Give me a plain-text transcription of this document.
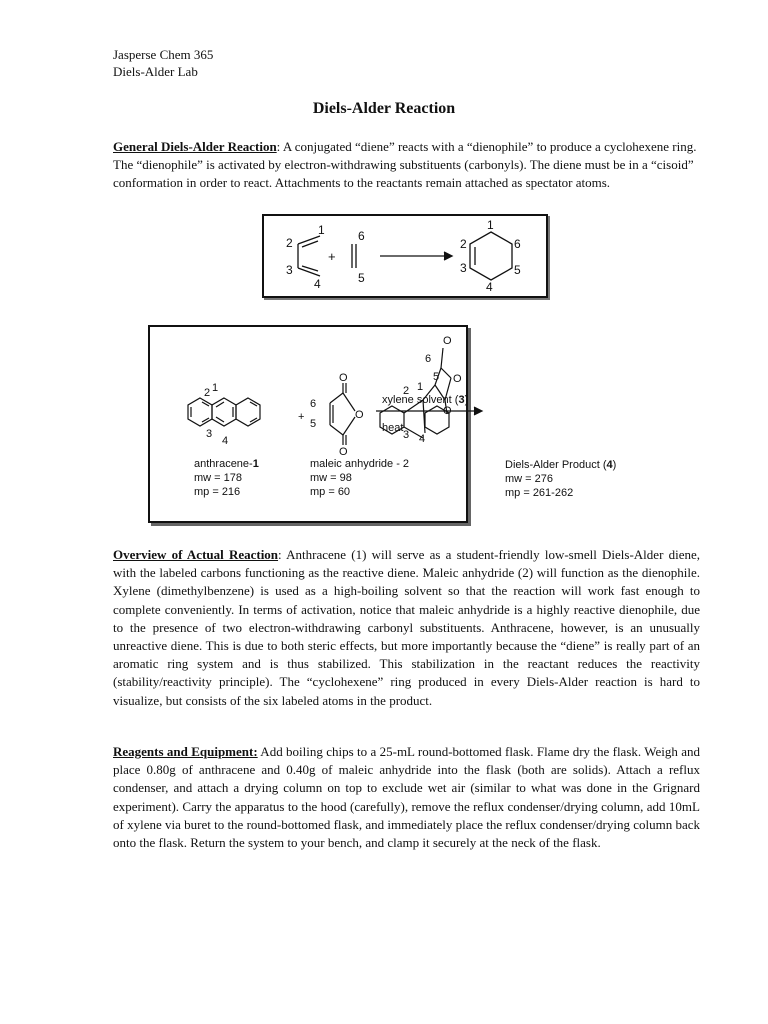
Jasperse Chem 365
Diels-Alder Lab
Diels-Alder Reaction
General Diels-Alder Reaction: A conjugated “diene” reacts with a “dienophile” to produce a cyclohexene ring. The “dienophile” is activated by electron-withdrawing substituents (carbonyls). The diene must be in a “cisoid” conformation in order to react. Attachments to the reactants remain attached as spectator atoms.
1
2
3
4
+
6
5
1
2
3
4
5
6
1
2
3
4
+
6
5
O
O
O
xylene solvent (3)
heat
anthracene-1
mw = 178
mp = 216
maleic anhydride - 2
mw = 98
mp = 60
O
O
O
1
2
3 4
5
6
Diels-Alder Product (4)
mw = 276
mp = 261-262
Overview of Actual Reaction: Anthracene (1) will serve as a student-friendly low-smell Diels-Alder diene, with the labeled carbons functioning as the reactive diene. Maleic anhydride (2) will function as the dienophile. Xylene (dimethylbenzene) is used as a high-boiling solvent so that the reaction will work fast enough to complete conveniently. In terms of activation, notice that maleic anhydride is a highly reactive dienophile, due to the presence of two electron-withdrawing carbonyl substituents. Anthracene, however, is an unusually unreactive diene. This is due to both steric effects, but more importantly because the “diene” is really part of an aromatic ring system and is thus stabilized. This stabilization in the reactant reduces the reactivity (stability/reactivity principle). The “cyclohexene” ring produced in every Diels-Alder reaction is hard to visualize, but consists of the six labeled atoms in the product.
Reagents and Equipment: Add boiling chips to a 25-mL round-bottomed flask. Flame dry the flask. Weigh and place 0.80g of anthracene and 0.40g of maleic anhydride into the flask (both are solids). Attach a reflux condenser, and attach a drying column on top to exclude wet air (similar to what was done in the Grignard experiment). Carry the apparatus to the hood (carefully), remove the reflux condenser/drying column, add 10mL of xylene via buret to the round-bottomed flask, and immediately place the reflux condenser/drying column back onto the flask. Return the system to your bench, and clamp it securely at the neck of the flask.
